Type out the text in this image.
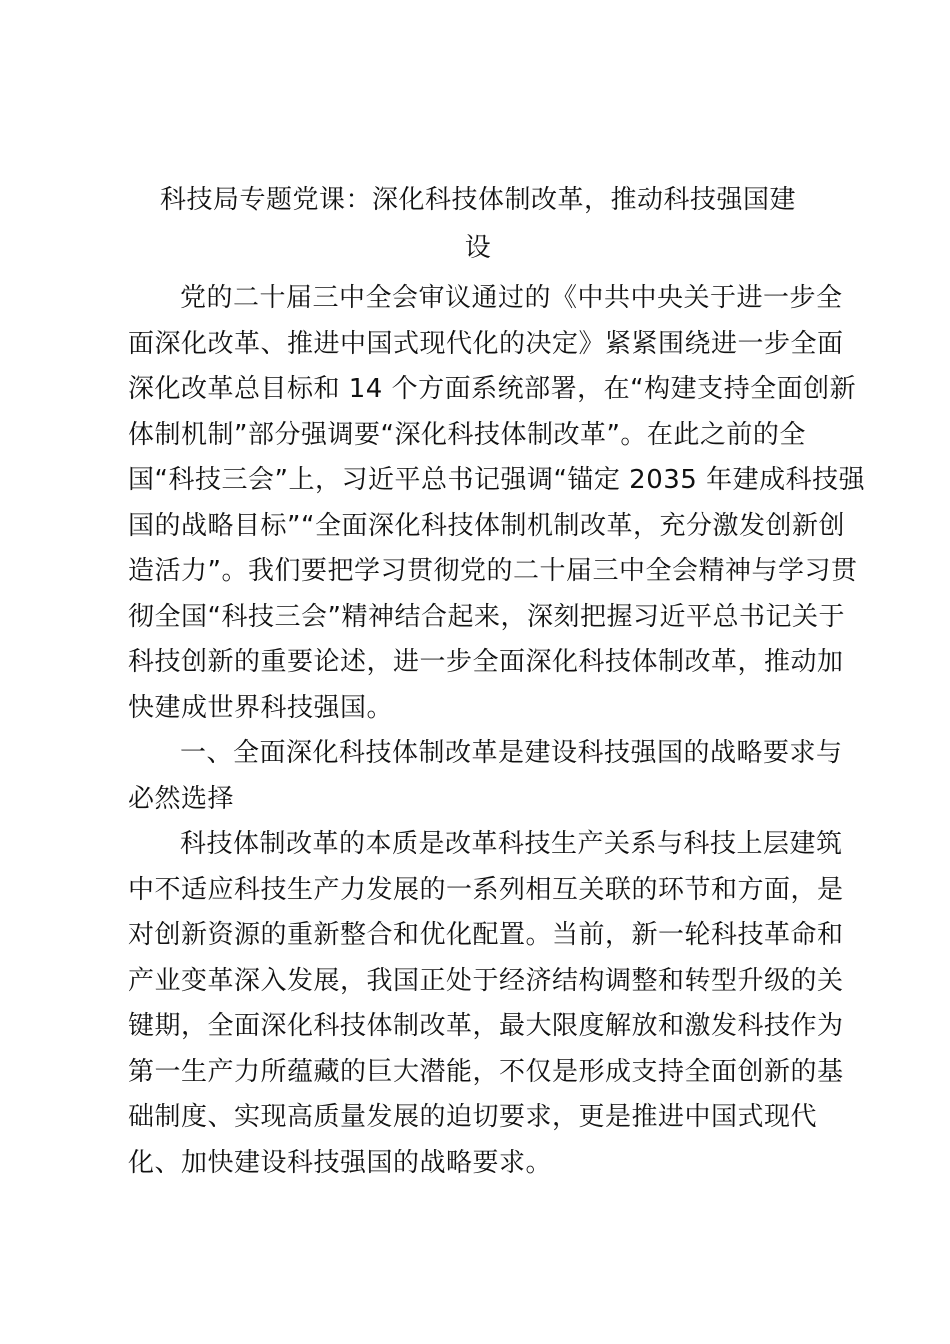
科技局专题党课：深化科技体制改革，推动科技强国建
设
党的二十届三中全会审议通过的《中共中央关于进一步全
面深化改革、推进中国式现代化的决定》紧紧围绕进一步全面
深化改革总目标和 14 个方面系统部署，在“构建支持全面创新
体制机制”部分强调要“深化科技体制改革”。在此之前的全
国“科技三会”上，习近平总书记强调“锚定 2035 年建成科技强
国的战略目标”“全面深化科技体制机制改革，充分激发创新创
造活力”。我们要把学习贯彻党的二十届三中全会精神与学习贯
彻全国“科技三会”精神结合起来，深刻把握习近平总书记关于
科技创新的重要论述，进一步全面深化科技体制改革，推动加
快建成世界科技强国。
一、全面深化科技体制改革是建设科技强国的战略要求与
必然选择
科技体制改革的本质是改革科技生产关系与科技上层建筑
中不适应科技生产力发展的一系列相互关联的环节和方面，是
对创新资源的重新整合和优化配置。当前，新一轮科技革命和
产业变革深入发展，我国正处于经济结构调整和转型升级的关
键期，全面深化科技体制改革，最大限度解放和激发科技作为
第一生产力所蕴藏的巨大潜能，不仅是形成支持全面创新的基
础制度、实现高质量发展的迫切要求，更是推进中国式现代
化、加快建设科技强国的战略要求。
